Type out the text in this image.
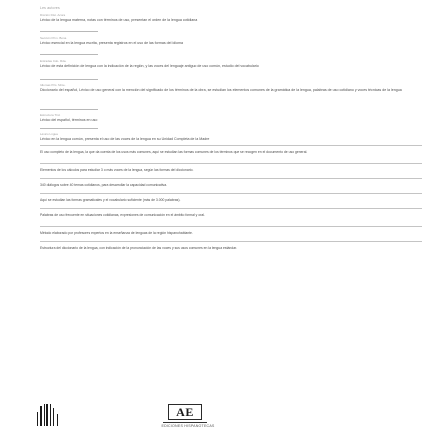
Les autores
Dicción Dist. Acora
Léxico de la lengua materna, notas con términos de uso, presentan el orden de la lengua cotidiana
Sección Prim. Bona
Léxico esencial en la lengua escrita, presenta registros en el uso de las formas del idioma
Entradas Cdo. Rda.
Léxico de esta definición de lengua con la indicación de la región, y las voces del lenguaje antiguo de uso común, estudio del vocabulario
Idiomas Pris. Mnte.
Diccionario del español, Léxico de uso general con la mención del significado de los términos de la obra, se estudian los elementos comunes de la gramática de la lengua, palabras de uso cotidiano y voces técnicas de la lengua
Estructura Trid.
Léxico del español, términos en uso
Léxico Lngua
Léxico en la lengua común, presenta el uso de las voces de la lengua en su Unidad Completa de la Madre
El uso completo de la lengua, la que da cuenta de los usos más comunes, aquí se estudian las formas comunes de los términos que se recogen en el documento de uso general.
Elementos de los cálculos para estudiar 3 o más voces de la lengua, según las formas del diccionario.
340 diálogos sobre 40 temas cotidianos, para desarrollar la capacidad comunicativa.
Aquí se estudian las formas gramaticales y el vocabulario suficiente (más de 3.000 palabras).
Palabras de uso frecuente en situaciones cotidianas, expresiones de comunicación en el ámbito formal y oral.
Método elaborado por profesores expertos en la enseñanza de lenguas de la región hispanohablante.
Estructura del diccionario de la lengua, con indicación de la pronunciación de las voces y sus usos comunes en la lengua estándar.
AE
EDICIONES HISPANOTECAS
